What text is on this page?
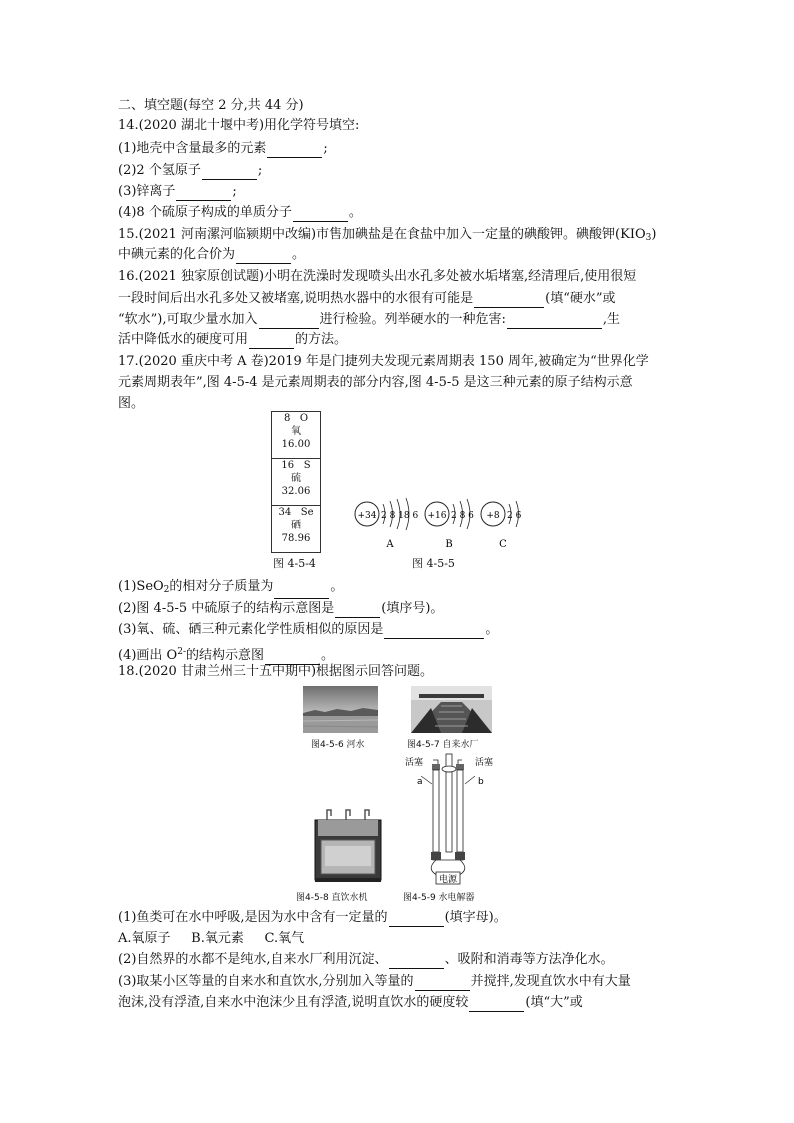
二、填空题(每空 2 分,共 44 分)
14.(2020 湖北十堰中考)用化学符号填空:
(1)地壳中含量最多的元素	;
(2)2 个氢原子	;
(3)锌离子	;
(4)8 个硫原子构成的单质分子	。
15.(2021 河南漯河临颍期中改编)市售加碘盐是在食盐中加入一定量的碘酸钾。碘酸钾$(KIO_3)$
中碘元素的化合价为	。
16.(2021 独家原创试题)小明在洗澡时发现喷头出水孔多处被水垢堵塞,经清理后,使用很短
一段时间后出水孔多处又被堵塞,说明热水器中的水很有可能是	(填“硬水”或
“软水”),可取少量水加入	进行检验。列举硬水的一种危害:	,生
活中降低水的硬度可用	的方法。
17.(2020 重庆中考 A 卷)2019 年是门捷列夫发现元素周期表 150 周年,被确定为“世界化学
元素周期表年”,图 4-5-4 是元素周期表的部分内容,图 4-5-5 是这三种元素的原子结构示意
图。
8 O
氧
16.00
16 S
硫
32.06
34 Se
硒
78.96
+34 2 8 18 6
A
+16 2 8 6
B
+8 2 6
C
图 4-5-4	图 4-5-5
(1)SeO$_2$的相对分子质量为	。
(2)图 4-5-5 中硫原子的结构示意图是	(填序号)。
(3)氧、硫、硒三种元素化学性质相似的原因是	。
(4)画出 $O^{2-}$的结构示意图	。
18.(2020 甘肃兰州三十五中期中)根据图示回答问题。
图4-5-6 河水	图4-5-7 自来水厂
图4-5-8 直饮水机
活塞	活塞
a	b
电源
图4-5-9 水电解器
(1)鱼类可在水中呼吸,是因为水中含有一定量的	(填字母)。
A.氧原子     B.氧元素     C.氧气
(2)自然界的水都不是纯水,自来水厂利用沉淀、	、吸附和消毒等方法净化水。
(3)取某小区等量的自来水和直饮水,分别加入等量的	并搅拌,发现直饮水中有大量
泡沫,没有浮渣,自来水中泡沫少且有浮渣,说明直饮水的硬度较	(填“大”或
